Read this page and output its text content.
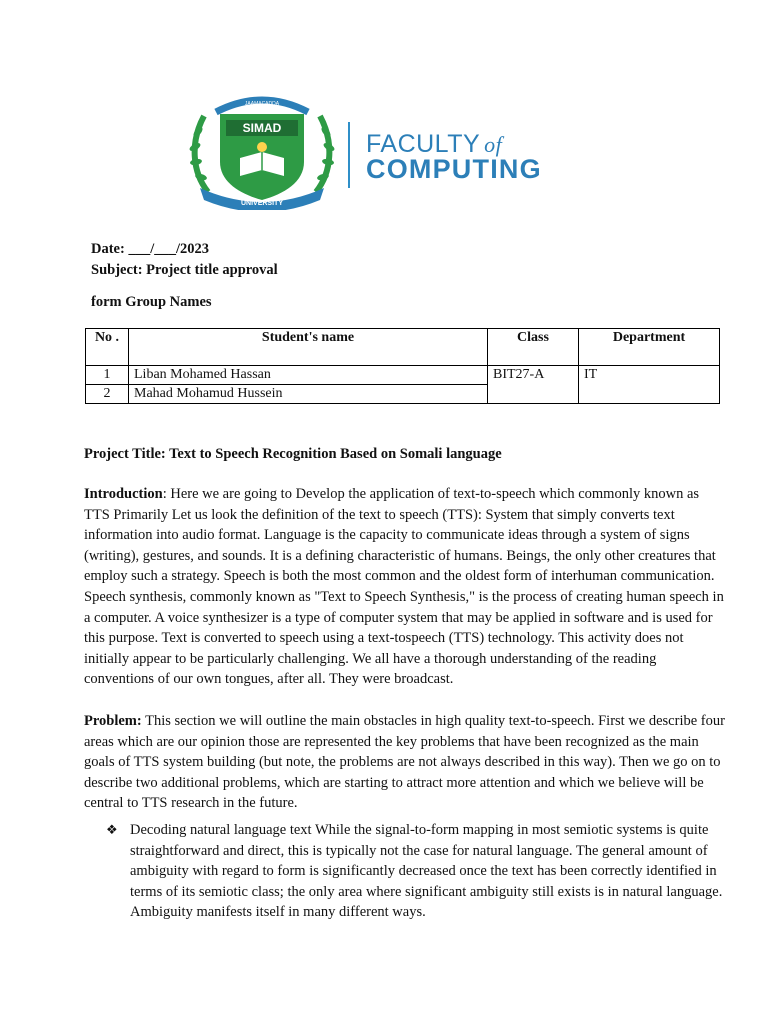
SIMAD
JAAMACADDA
UNIVERSITY
FACULTY of
COMPUTING
Date: ___/___/2023
Subject: Project title approval
form Group Names
No .	Student's name	Class	Department
1	Liban Mohamed Hassan	BIT27-A	IT
2	Mahad Mohamud Hussein		
Project Title: Text to Speech Recognition Based on Somali language
Introduction: Here we are going to Develop the application of text-to-speech which commonly known as TTS Primarily Let us look the definition of the text to speech (TTS): System that simply converts text information into audio format. Language is the capacity to communicate ideas through a system of signs (writing), gestures, and sounds. It is a defining characteristic of humans. Beings, the only other creatures that employ such a strategy. Speech is both the most common and the oldest form of interhuman communication. Speech synthesis, commonly known as "Text to Speech Synthesis," is the process of creating human speech in a computer. A voice synthesizer is a type of computer system that may be applied in software and is used for this purpose. Text is converted to speech using a text-tospeech (TTS) technology. This activity does not initially appear to be particularly challenging. We all have a thorough understanding of the reading conventions of our own tongues, after all. They were broadcast.
Problem: This section we will outline the main obstacles in high quality text-to-speech. First we describe four areas which are our opinion those are represented the key problems that have been recognized as the main goals of TTS system building (but note, the problems are not always described in this way). Then we go on to describe two additional problems, which are starting to attract more attention and which we believe will be central to TTS research in the future.
❖ Decoding natural language text While the signal-to-form mapping in most semiotic systems is quite straightforward and direct, this is typically not the case for natural language. The general amount of ambiguity with regard to form is significantly decreased once the text has been correctly identified in terms of its semiotic class; the only area where significant ambiguity still exists is in natural language. Ambiguity manifests itself in many different ways.
